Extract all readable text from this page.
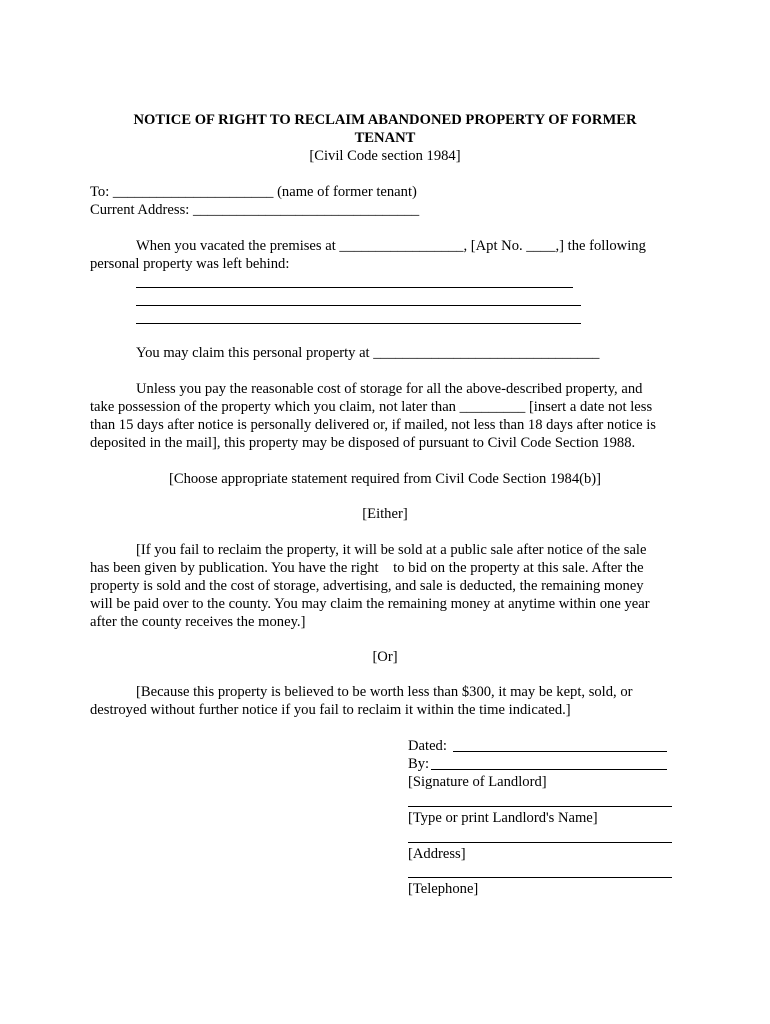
NOTICE OF RIGHT TO RECLAIM ABANDONED PROPERTY OF FORMER
TENANT
[Civil Code section 1984]
To: ______________________ (name of former tenant)
Current Address: _______________________________
When you vacated the premises at _________________, [Apt No. ____,] the following
personal property was left behind:
You may claim this personal property at _______________________________
Unless you pay the reasonable cost of storage for all the above-described property, and
take possession of the property which you claim, not later than _________ [insert a date not less
than 15 days after notice is personally delivered or, if mailed, not less than 18 days after notice is
deposited in the mail], this property may be disposed of pursuant to Civil Code Section 1988.
[Choose appropriate statement required from Civil Code Section 1984(b)]
[Either]
[If you fail to reclaim the property, it will be sold at a public sale after notice of the sale
has been given by publication. You have the right    to bid on the property at this sale. After the
property is sold and the cost of storage, advertising, and sale is deducted, the remaining money
will be paid over to the county. You may claim the remaining money at anytime within one year
after the county receives the money.]
[Or]
[Because this property is believed to be worth less than $300, it may be kept, sold, or
destroyed without further notice if you fail to reclaim it within the time indicated.]
Dated:
By:
[Signature of Landlord]
[Type or print Landlord's Name]
[Address]
[Telephone]
